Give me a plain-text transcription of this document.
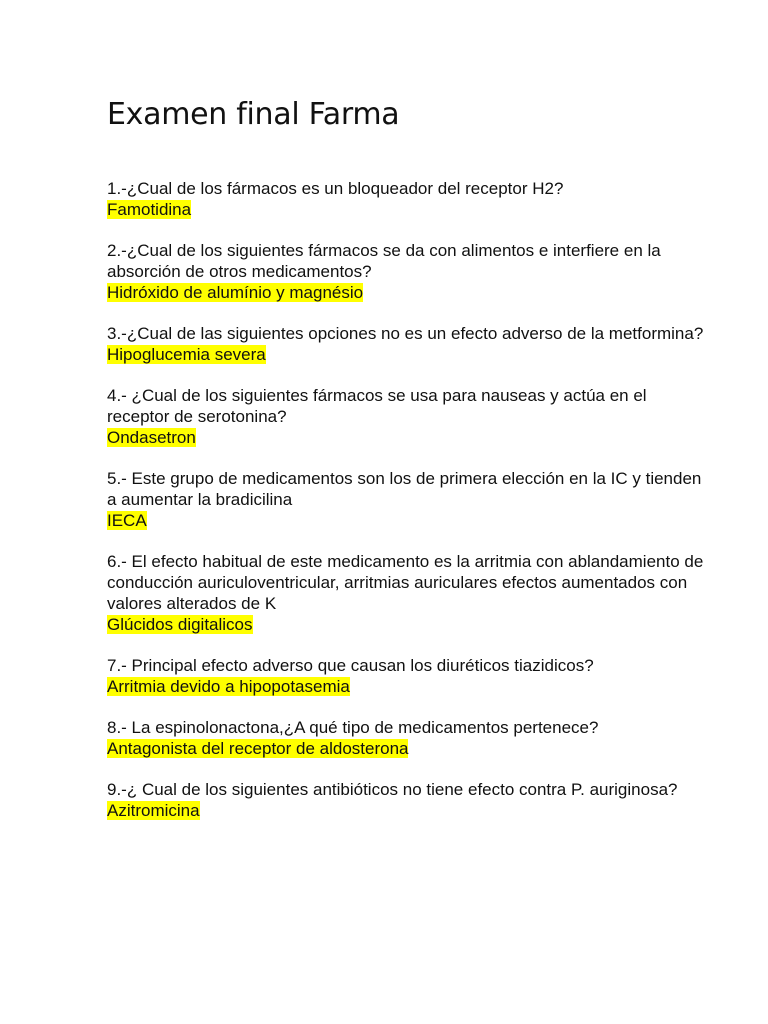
Examen final Farma
1.-¿Cual de los fármacos es un bloqueador del receptor H2?
Famotidina
2.-¿Cual de los siguientes fármacos se da con alimentos e interfiere en la absorción de otros medicamentos?
Hidróxido de alumínio y magnésio
3.-¿Cual de las siguientes opciones no es un efecto adverso de la metformina?
Hipoglucemia severa
4.- ¿Cual de los siguientes fármacos se usa para nauseas y actúa en el receptor de serotonina?
Ondasetron
5.- Este grupo de medicamentos son los de primera elección en la IC y tienden a aumentar la bradicilina
IECA
6.- El efecto habitual de este medicamento es la arritmia con ablandamiento de conducción auriculoventricular, arritmias auriculares efectos aumentados con valores alterados de K
Glúcidos digitalicos
7.- Principal efecto adverso que causan los diuréticos tiazidicos?
Arritmia devido a hipopotasemia
8.- La espinolonactona,¿A qué tipo de medicamentos pertenece?
Antagonista del receptor de aldosterona
9.-¿ Cual de los siguientes antibióticos no tiene efecto contra P. auriginosa?
Azitromicina
